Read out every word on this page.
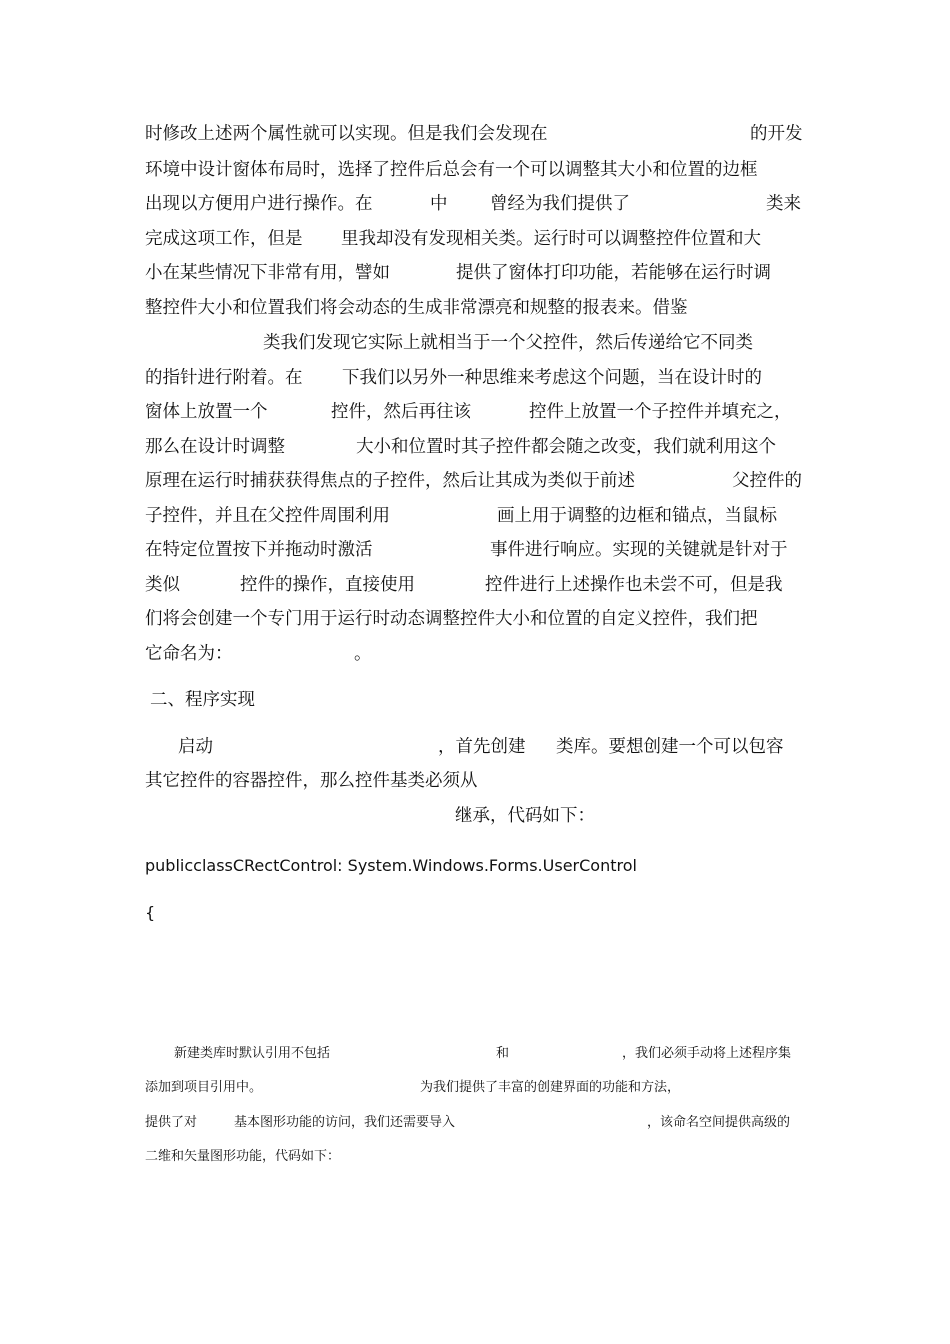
时修改上述两个属性就可以实现。但是我们会发现在	的开发
环境中设计窗体布局时，选择了控件后总会有一个可以调整其大小和位置的边框
出现以方便用户进行操作。在	中 曾经为我们提供了	类来
完成这项工作，但是 里我却没有发现相关类。运行时可以调整控件位置和大
小在某些情况下非常有用，譬如	提供了窗体打印功能，若能够在运行时调
整控件大小和位置我们将会动态的生成非常漂亮和规整的报表来。借鉴
类我们发现它实际上就相当于一个父控件，然后传递给它不同类
的指针进行附着。在 下我们以另外一种思维来考虑这个问题，当在设计时的
窗体上放置一个	控件，然后再往该	控件上放置一个子控件并填充之，
那么在设计时调整	大小和位置时其子控件都会随之改变，我们就利用这个
原理在运行时捕获获得焦点的子控件，然后让其成为类似于前述	父控件的
子控件，并且在父控件周围利用	画上用于调整的边框和锚点，当鼠标
在特定位置按下并拖动时激活	事件进行响应。实现的关键就是针对于
类似	控件的操作，直接使用	控件进行上述操作也未尝不可，但是我
们将会创建一个专门用于运行时动态调整控件大小和位置的自定义控件，我们把
它命名为：	。
二、程序实现
启动	，首先创建 类库。要想创建一个可以包容
其它控件的容器控件，那么控件基类必须从
继承，代码如下：
publicclassCRectControl: System.Windows.Forms.UserControl
{
新建类库时默认引用不包括	和	，我们必须手动将上述程序集
添加到项目引用中。	为我们提供了丰富的创建界面的功能和方法，
提供了对	基本图形功能的访问，我们还需要导入	，该命名空间提供高级的
二维和矢量图形功能，代码如下：
